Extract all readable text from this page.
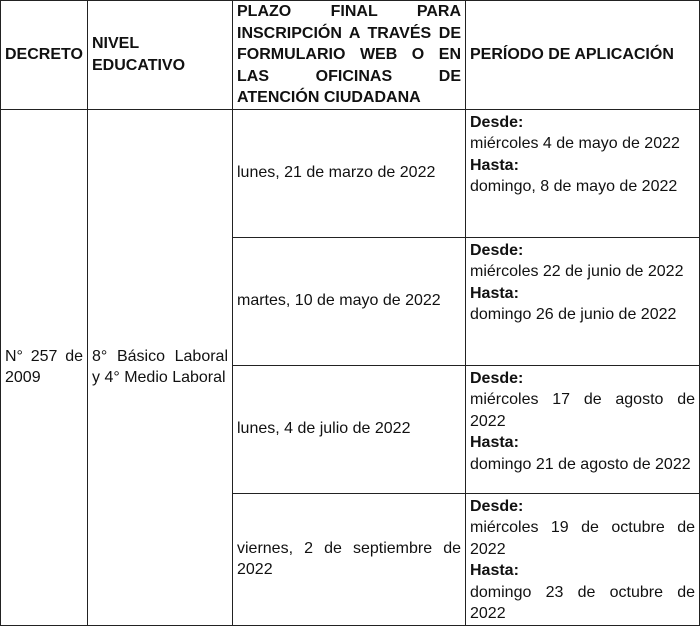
DECRETO	NIVEL EDUCATIVO	PLAZO FINAL PARA INSCRIPCIÓN A TRAVÉS DE FORMULARIO WEB O EN LAS OFICINAS DE ATENCIÓN CIUDADANA	PERÍODO DE APLICACIÓN
N° 257 de 2009	8° Básico Laboral y 4° Medio Laboral	lunes, 21 de marzo de 2022	Desde:
miércoles 4 de mayo de 2022
Hasta:
domingo, 8 de mayo de 2022

		martes, 10 de mayo de 2022	Desde:
miércoles 22 de junio de 2022
Hasta:
domingo 26 de junio de 2022

		lunes, 4 de julio de 2022	Desde:
miércoles 17 de agosto de 2022
Hasta:
domingo 21 de agosto de 2022

		viernes, 2 de septiembre de 2022	Desde:
miércoles 19 de octubre de 2022
Hasta:
domingo 23 de octubre de 2022
